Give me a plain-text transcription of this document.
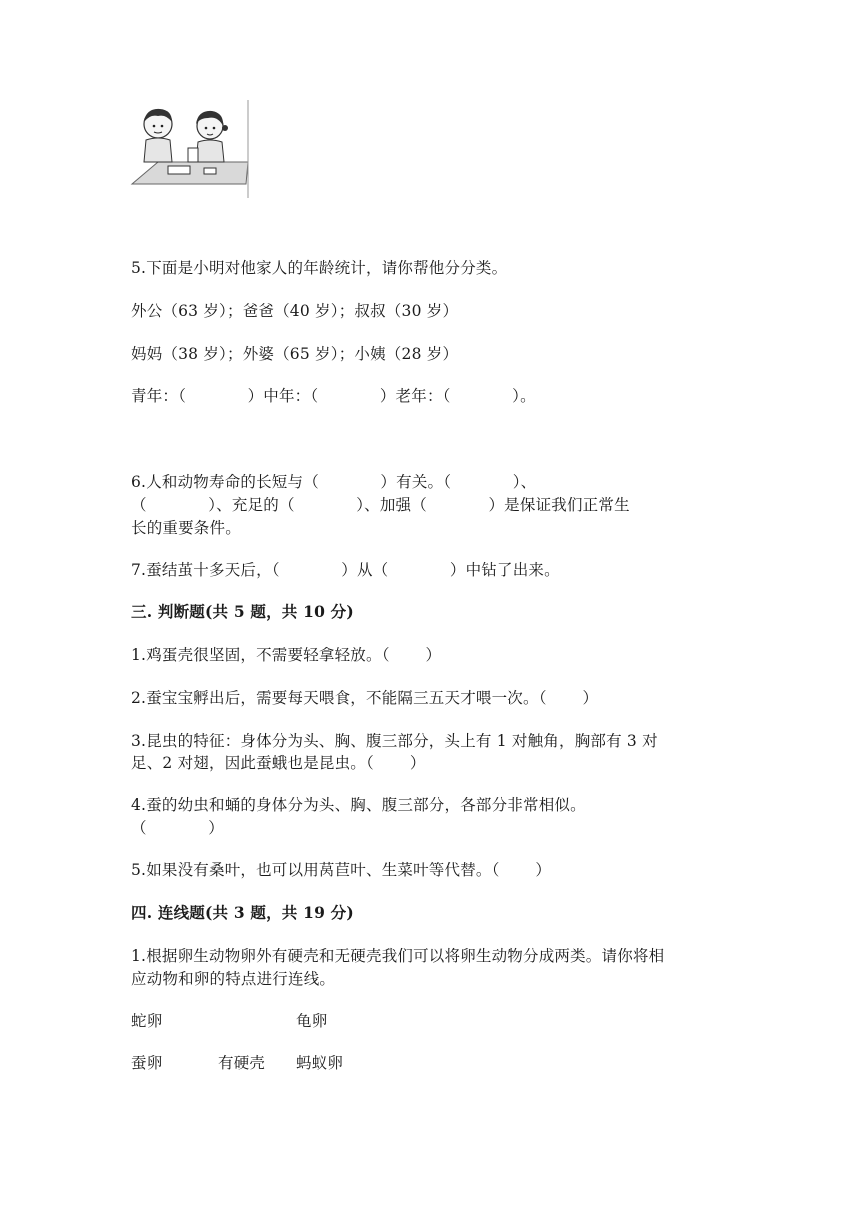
5.下面是小明对他家人的年龄统计，请你帮他分分类。
外公（63 岁）；爸爸（40 岁）；叔叔（30 岁）
妈妈（38 岁）；外婆（65 岁）；小姨（28 岁）
青年：（            ）中年：（            ）老年：（            ）。
6.人和动物寿命的长短与（            ）有关。（            ）、
（            ）、充足的（            ）、加强（            ）是保证我们正常生
长的重要条件。
7.蚕结茧十多天后，（            ）从（            ）中钻了出来。
三. 判断题(共 5 题，共 10 分)
1.鸡蛋壳很坚固，不需要轻拿轻放。（       ）
2.蚕宝宝孵出后，需要每天喂食，不能隔三五天才喂一次。（       ）
3.昆虫的特征：身体分为头、胸、腹三部分，头上有 1 对触角，胸部有 3 对
足、2 对翅，因此蚕蛾也是昆虫。（       ）
4.蚕的幼虫和蛹的身体分为头、胸、腹三部分，各部分非常相似。
（            ）
5.如果没有桑叶，也可以用莴苣叶、生菜叶等代替。（       ）
四. 连线题(共 3 题，共 19 分)
1.根据卵生动物卵外有硬壳和无硬壳我们可以将卵生动物分成两类。请你将相
应动物和卵的特点进行连线。
蛇卵	龟卵
蚕卵	有硬壳 蚂蚁卵
